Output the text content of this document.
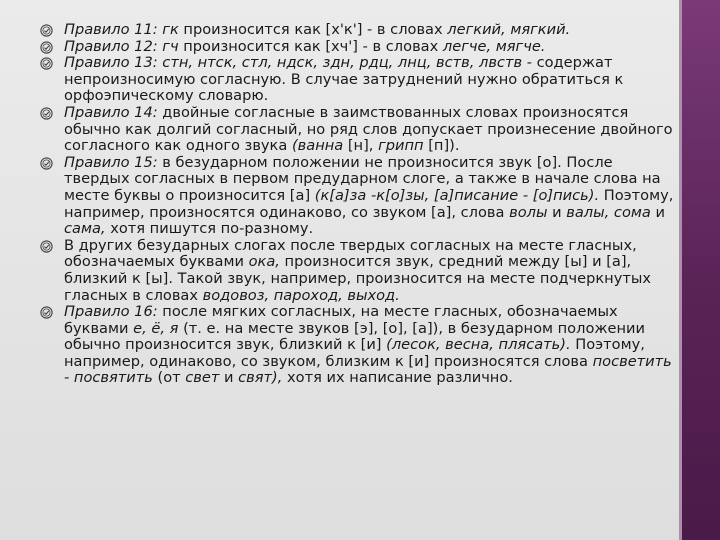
Правило 11: гк произносится как [х'к'] - в словах легкий, мягкий.
Правило 12: гч произносится как [хч'] - в словах легче, мягче.
Правило 13: стн, нтск, стл, ндск, здн, рдц, лнц, вств, лвств - содержат непроизносимую согласную. В случае затруднений нужно обратиться к орфоэпическому словарю.
Правило 14: двойные согласные в заимствованных словах произносятся обычно как долгий согласный, но ряд слов допускает произнесение двойного согласного как одного звука (ванна [н], грипп [п]).
Правило 15: в безударном положении не произносится звук [о]. После твердых согласных в первом предударном слоге, а также в начале слова на месте буквы о произносится [а] (к[а]за -к[о]зы, [а]писание - [о]пись). Поэтому, например, произносятся одинаково, со звуком [а], слова волы и валы, сома и сама, хотя пишутся по-разному.
В других безударных слогах после твердых согласных на месте гласных, обозначаемых буквами ока, произносится звук, средний между [ы] и [а], близкий к [ы]. Такой звук, например, произносится на месте подчеркнутых гласных в словах водовоз, пароход, выход.
Правило 16: после мягких согласных, на месте гласных, обозначаемых буквами е, ё, я (т. е. на месте звуков [э], [о], [а]), в безударном положении обычно произносится звук, близкий к [и] (лесок, весна, плясать). Поэтому, например, одинаково, со звуком, близким к [и] произносятся слова посветить - посвятить (от свет и свят), хотя их написание различно.
